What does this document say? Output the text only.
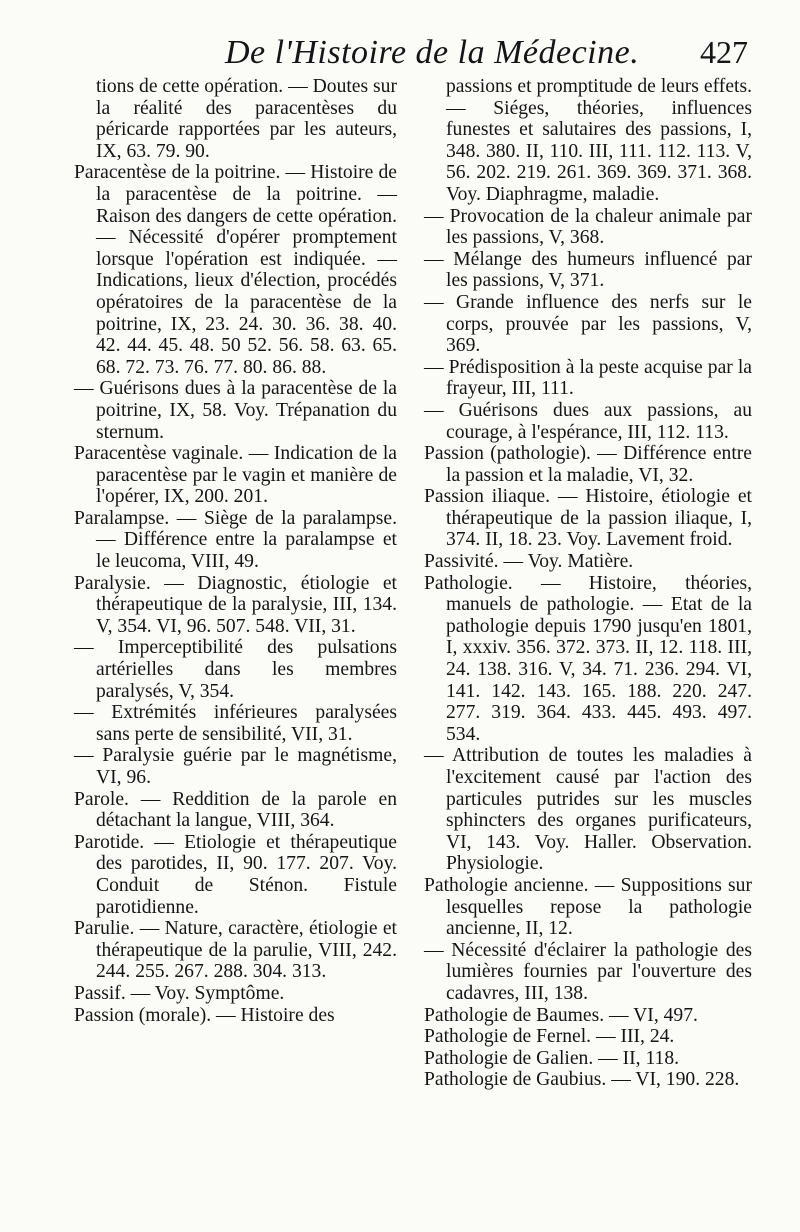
De l'Histoire de la Médecine. 427

tions de cette opération. — Doutes sur la réalité des paracentèses du péricarde rapportées par les auteurs, IX, 63. 79. 90.

Paracentèse de la poitrine. — Histoire de la paracentèse de la poitrine. — Raison des dangers de cette opération. — Nécessité d'opérer promptement lorsque l'opération est indiquée. — Indications, lieux d'élection, procédés opératoires de la paracentèse de la poitrine, IX, 23. 24. 30. 36. 38. 40. 42. 44. 45. 48. 50 52. 56. 58. 63. 65. 68. 72. 73. 76. 77. 80. 86. 88.

— Guérisons dues à la paracentèse de la poitrine, IX, 58. Voy. Trépanation du sternum.

Paracentèse vaginale. — Indication de la paracentèse par le vagin et manière de l'opérer, IX, 200. 201.

Paralampse. — Siège de la paralampse. — Différence entre la paralampse et le leucoma, VIII, 49.

Paralysie. — Diagnostic, étiologie et thérapeutique de la paralysie, III, 134. V, 354. VI, 96. 507. 548. VII, 31.

— Imperceptibilité des pulsations artérielles dans les membres paralysés, V, 354.

— Extrémités inférieures paralysées sans perte de sensibilité, VII, 31.

— Paralysie guérie par le magnétisme, VI, 96.

Parole. — Reddition de la parole en détachant la langue, VIII, 364.

Parotide. — Etiologie et thérapeutique des parotides, II, 90. 177. 207. Voy. Conduit de Sténon. Fistule parotidienne.

Parulie. — Nature, caractère, étiologie et thérapeutique de la parulie, VIII, 242. 244. 255. 267. 288. 304. 313.

Passif. — Voy. Symptôme.

Passion (morale). — Histoire des

passions et promptitude de leurs effets. — Siéges, théories, influences funestes et salutaires des passions, I, 348. 380. II, 110. III, 111. 112. 113. V, 56. 202. 219. 261. 369. 369. 371. 368. Voy. Diaphragme, maladie.

— Provocation de la chaleur animale par les passions, V, 368.

— Mélange des humeurs influencé par les passions, V, 371.

— Grande influence des nerfs sur le corps, prouvée par les passions, V, 369.

— Prédisposition à la peste acquise par la frayeur, III, 111.

— Guérisons dues aux passions, au courage, à l'espérance, III, 112. 113.

Passion (pathologie). — Différence entre la passion et la maladie, VI, 32.

Passion iliaque. — Histoire, étiologie et thérapeutique de la passion iliaque, I, 374. II, 18. 23. Voy. Lavement froid.

Passivité. — Voy. Matière.

Pathologie. — Histoire, théories, manuels de pathologie. — Etat de la pathologie depuis 1790 jusqu'en 1801, I, xxxiv. 356. 372. 373. II, 12. 118. III, 24. 138. 316. V, 34. 71. 236. 294. VI, 141. 142. 143. 165. 188. 220. 247. 277. 319. 364. 433. 445. 493. 497. 534.

— Attribution de toutes les maladies à l'excitement causé par l'action des particules putrides sur les muscles sphincters des organes purificateurs, VI, 143. Voy. Haller. Observation. Physiologie.

Pathologie ancienne. — Suppositions sur lesquelles repose la pathologie ancienne, II, 12.

— Nécessité d'éclairer la pathologie des lumières fournies par l'ouverture des cadavres, III, 138.

Pathologie de Baumes. — VI, 497.

Pathologie de Fernel. — III, 24.

Pathologie de Galien. — II, 118.

Pathologie de Gaubius. — VI, 190. 228.
